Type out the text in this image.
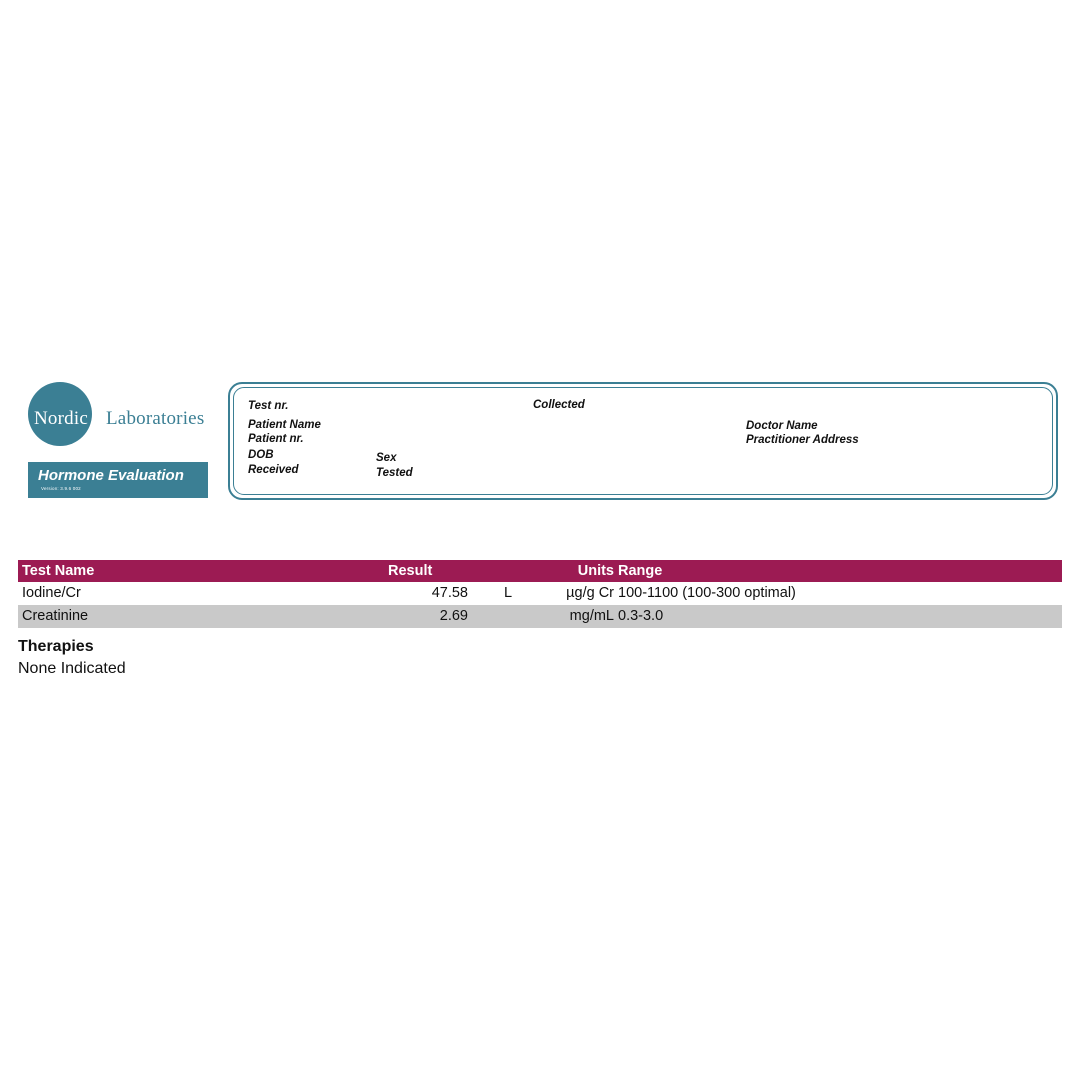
Nordic Laboratories
Hormone Evaluation
Version: 3.9.6 002
Test nr.
Patient Name
Patient nr.
DOB
Received
Sex
Tested
Collected
Doctor Name
Practitioner Address
Test Name	Result	Units Range
Iodine/Cr	47.58	L	µg/g Cr 100-1100 (100-300 optimal)
Creatinine	2.69	mg/mL 0.3-3.0
Therapies
None Indicated
